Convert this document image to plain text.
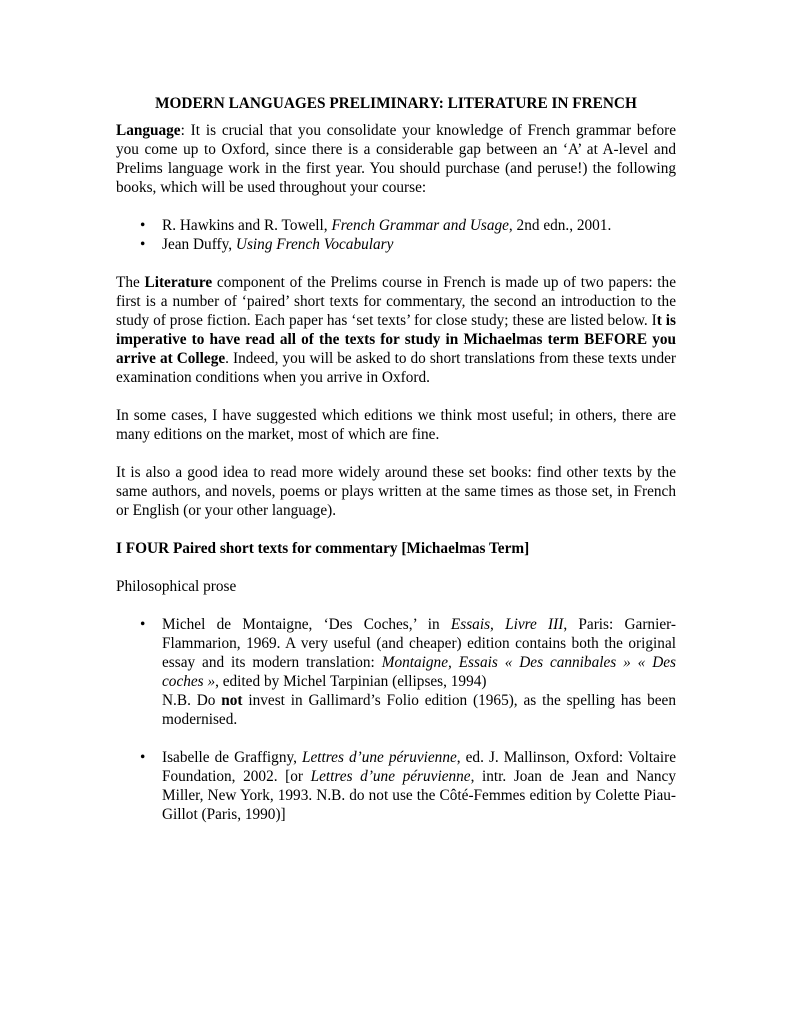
MODERN LANGUAGES PRELIMINARY: LITERATURE IN FRENCH

Language: It is crucial that you consolidate your knowledge of French grammar before you come up to Oxford, since there is a considerable gap between an ‘A’ at A-level and Prelims language work in the first year. You should purchase (and peruse!) the following books, which will be used throughout your course:

• R. Hawkins and R. Towell, French Grammar and Usage, 2nd edn., 2001.
• Jean Duffy, Using French Vocabulary

The Literature component of the Prelims course in French is made up of two papers: the first is a number of ‘paired’ short texts for commentary, the second an introduction to the study of prose fiction. Each paper has ‘set texts’ for close study; these are listed below. It is imperative to have read all of the texts for study in Michaelmas term BEFORE you arrive at College. Indeed, you will be asked to do short translations from these texts under examination conditions when you arrive in Oxford.

In some cases, I have suggested which editions we think most useful; in others, there are many editions on the market, most of which are fine.

It is also a good idea to read more widely around these set books: find other texts by the same authors, and novels, poems or plays written at the same times as those set, in French or English (or your other language).

I FOUR Paired short texts for commentary [Michaelmas Term]

Philosophical prose

• Michel de Montaigne, ‘Des Coches,’ in Essais, Livre III, Paris: Garnier-Flammarion, 1969. A very useful (and cheaper) edition contains both the original essay and its modern translation: Montaigne, Essais « Des cannibales » « Des coches », edited by Michel Tarpinian (ellipses, 1994)
N.B. Do not invest in Gallimard’s Folio edition (1965), as the spelling has been modernised.
• Isabelle de Graffigny, Lettres d’une péruvienne, ed. J. Mallinson, Oxford: Voltaire Foundation, 2002. [or Lettres d’une péruvienne, intr. Joan de Jean and Nancy Miller, New York, 1993. N.B. do not use the Côté-Femmes edition by Colette Piau-Gillot (Paris, 1990)]
